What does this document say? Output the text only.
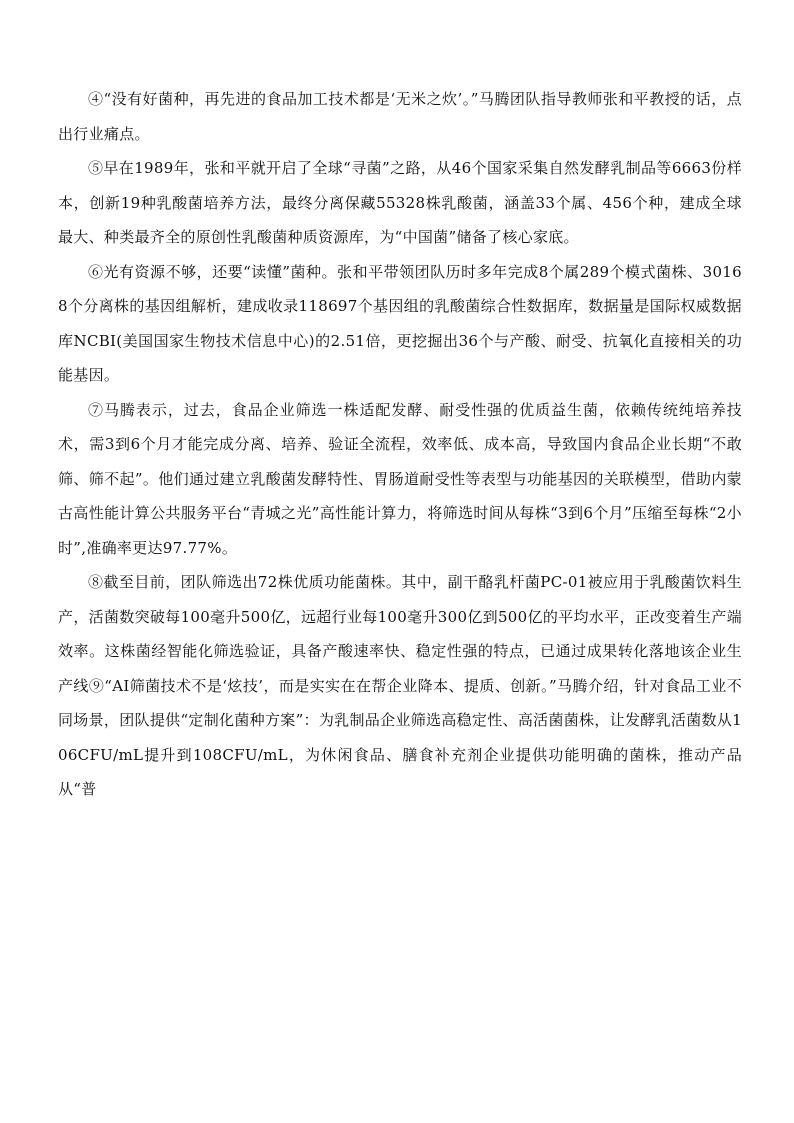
④“没有好菌种，再先进的食品加工技术都是‘无米之炊’。”马腾团队指导教师张和平教授的话，点出行业痛点。

⑤早在1989年，张和平就开启了全球“寻菌”之路，从46个国家采集自然发酵乳制品等6663份样本，创新19种乳酸菌培养方法，最终分离保藏55328株乳酸菌，涵盖33个属、456个种，建成全球最大、种类最齐全的原创性乳酸菌种质资源库，为“中国菌”储备了核心家底。

⑥光有资源不够，还要“读懂”菌种。张和平带领团队历时多年完成8个属289个模式菌株、30168个分离株的基因组解析，建成收录118697个基因组的乳酸菌综合性数据库，数据量是国际权威数据库NCBI(美国国家生物技术信息中心)的2.51倍，更挖掘出36个与产酸、耐受、抗氧化直接相关的功能基因。

⑦马腾表示，过去，食品企业筛选一株适配发酵、耐受性强的优质益生菌，依赖传统纯培养技术，需3到6个月才能完成分离、培养、验证全流程，效率低、成本高，导致国内食品企业长期“不敢筛、筛不起”。他们通过建立乳酸菌发酵特性、胃肠道耐受性等表型与功能基因的关联模型，借助内蒙古高性能计算公共服务平台“青城之光”高性能计算力，将筛选时间从每株“3到6个月”压缩至每株“2小时”,准确率更达97.77%。

⑧截至目前，团队筛选出72株优质功能菌株。其中，副干酪乳杆菌PC-01被应用于乳酸菌饮料生产，活菌数突破每100毫升500亿，远超行业每100毫升300亿到500亿的平均水平，正改变着生产端效率。这株菌经智能化筛选验证，具备产酸速率快、稳定性强的特点，已通过成果转化落地该企业生产线⑨“AI筛菌技术不是‘炫技’，而是实实在在帮企业降本、提质、创新。”马腾介绍，针对食品工业不同场景，团队提供“定制化菌种方案”：为乳制品企业筛选高稳定性、高活菌菌株，让发酵乳活菌数从106CFU/mL提升到108CFU/mL，为休闲食品、膳食补充剂企业提供功能明确的菌株，推动产品从“普
